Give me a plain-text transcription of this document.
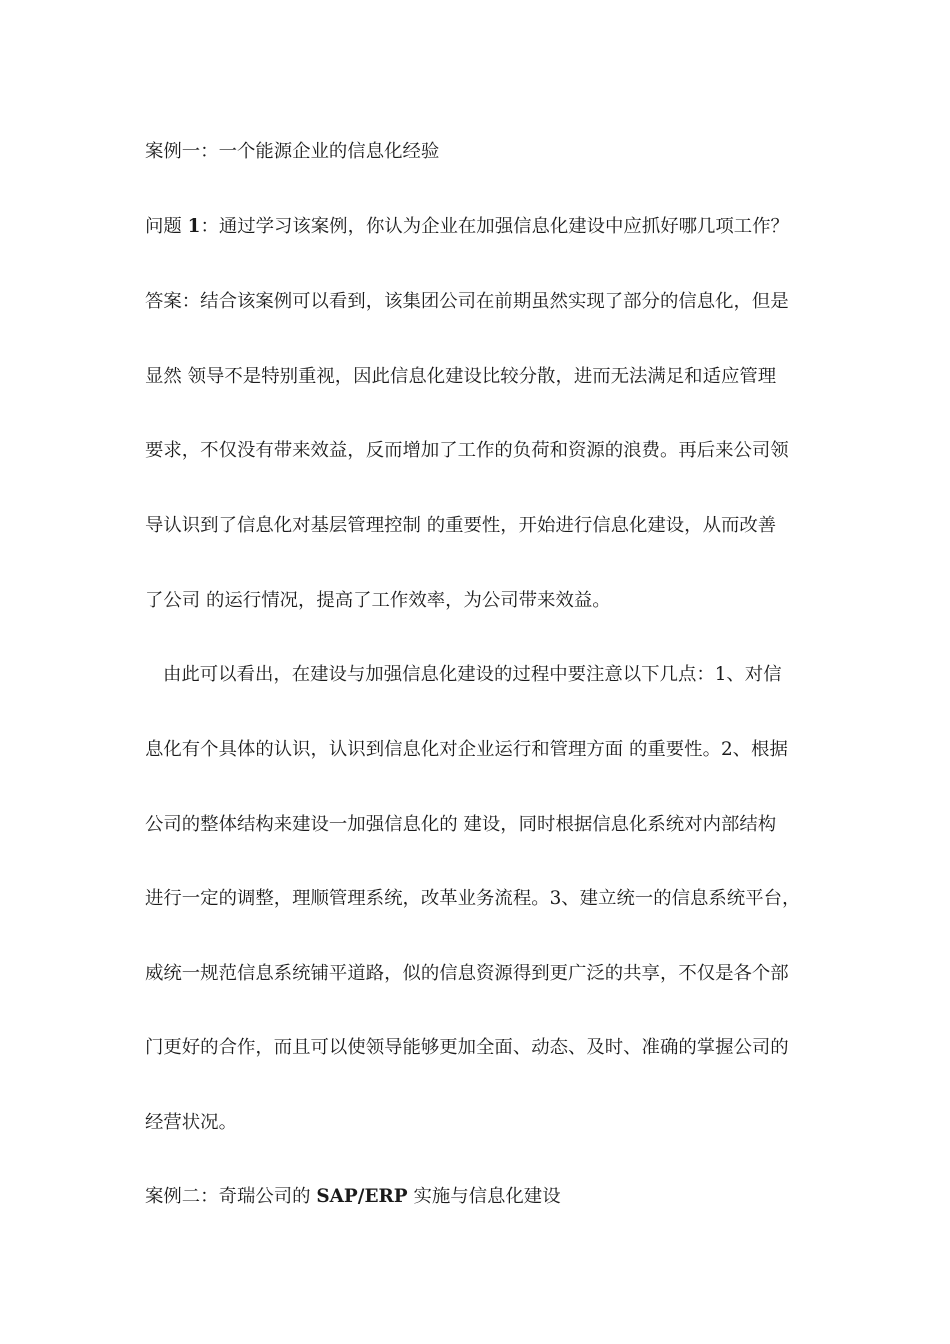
案例一：一个能源企业的信息化经验
问题 1：通过学习该案例，你认为企业在加强信息化建设中应抓好哪几项工作？
答案：结合该案例可以看到，该集团公司在前期虽然实现了部分的信息化，但是
显然 领导不是特别重视，因此信息化建设比较分散，进而无法满足和适应管理
要求，不仅没有带来效益，反而增加了工作的负荷和资源的浪费。再后来公司领
导认识到了信息化对基层管理控制 的重要性，开始进行信息化建设，从而改善
了公司 的运行情况，提高了工作效率，为公司带来效益。
由此可以看出，在建设与加强信息化建设的过程中要注意以下几点：1、对信
息化有个具体的认识，认识到信息化对企业运行和管理方面 的重要性。2、根据
公司的整体结构来建设一加强信息化的 建设，同时根据信息化系统对内部结构
进行一定的调整，理顺管理系统，改革业务流程。3、建立统一的信息系统平台，
威统一规范信息系统铺平道路，似的信息资源得到更广泛的共享，不仅是各个部
门更好的合作，而且可以使领导能够更加全面、动态、及时、准确的掌握公司的
经营状况。
案例二：奇瑞公司的 SAP/ERP 实施与信息化建设
